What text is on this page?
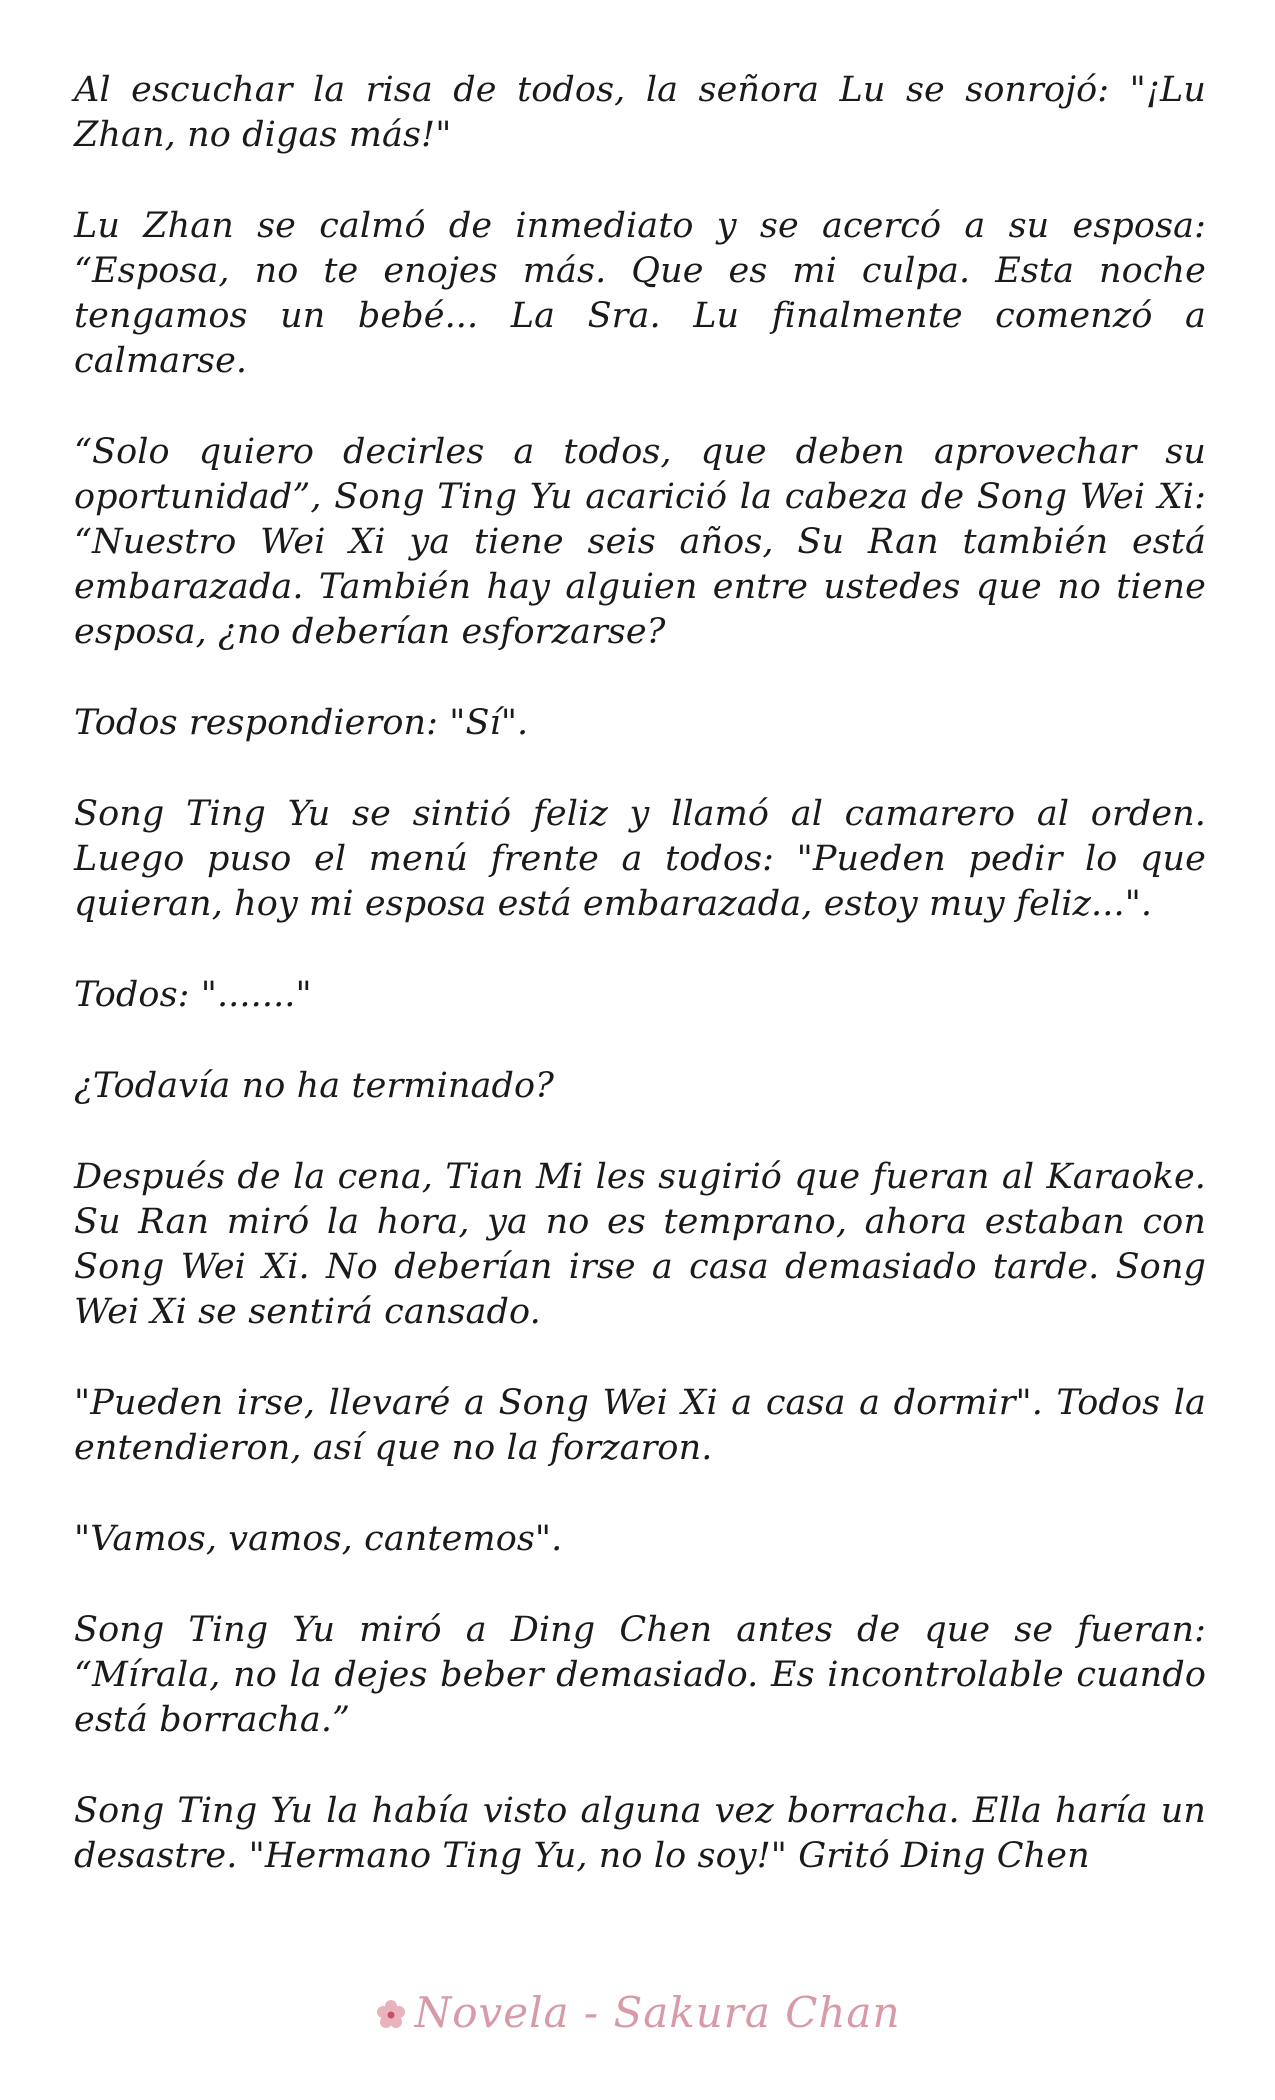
Al escuchar la risa de todos, la señora Lu se sonrojó: "¡Lu Zhan, no digas más!"

Lu Zhan se calmó de inmediato y se acercó a su esposa: “Esposa, no te enojes más. Que es mi culpa. Esta noche tengamos un bebé... La Sra. Lu finalmente comenzó a calmarse.

“Solo quiero decirles a todos, que deben aprovechar su oportunidad”, Song Ting Yu acarició la cabeza de Song Wei Xi: “Nuestro Wei Xi ya tiene seis años, Su Ran también está embarazada. También hay alguien entre ustedes que no tiene esposa, ¿no deberían esforzarse?

Todos respondieron: "Sí".

Song Ting Yu se sintió feliz y llamó al camarero al orden. Luego puso el menú frente a todos: "Pueden pedir lo que quieran, hoy mi esposa está embarazada, estoy muy feliz...".

Todos: "......."

¿Todavía no ha terminado?

Después de la cena, Tian Mi les sugirió que fueran al Karaoke. Su Ran miró la hora, ya no es temprano, ahora estaban con Song Wei Xi. No deberían irse a casa demasiado tarde. Song Wei Xi se sentirá cansado.

"Pueden irse, llevaré a Song Wei Xi a casa a dormir". Todos la entendieron, así que no la forzaron.

"Vamos, vamos, cantemos".

Song Ting Yu miró a Ding Chen antes de que se fueran: “Mírala, no la dejes beber demasiado. Es incontrolable cuando está borracha.”

Song Ting Yu la había visto alguna vez borracha. Ella haría un desastre. "Hermano Ting Yu, no lo soy!" Gritó Ding Chen

Novela - Sakura Chan
